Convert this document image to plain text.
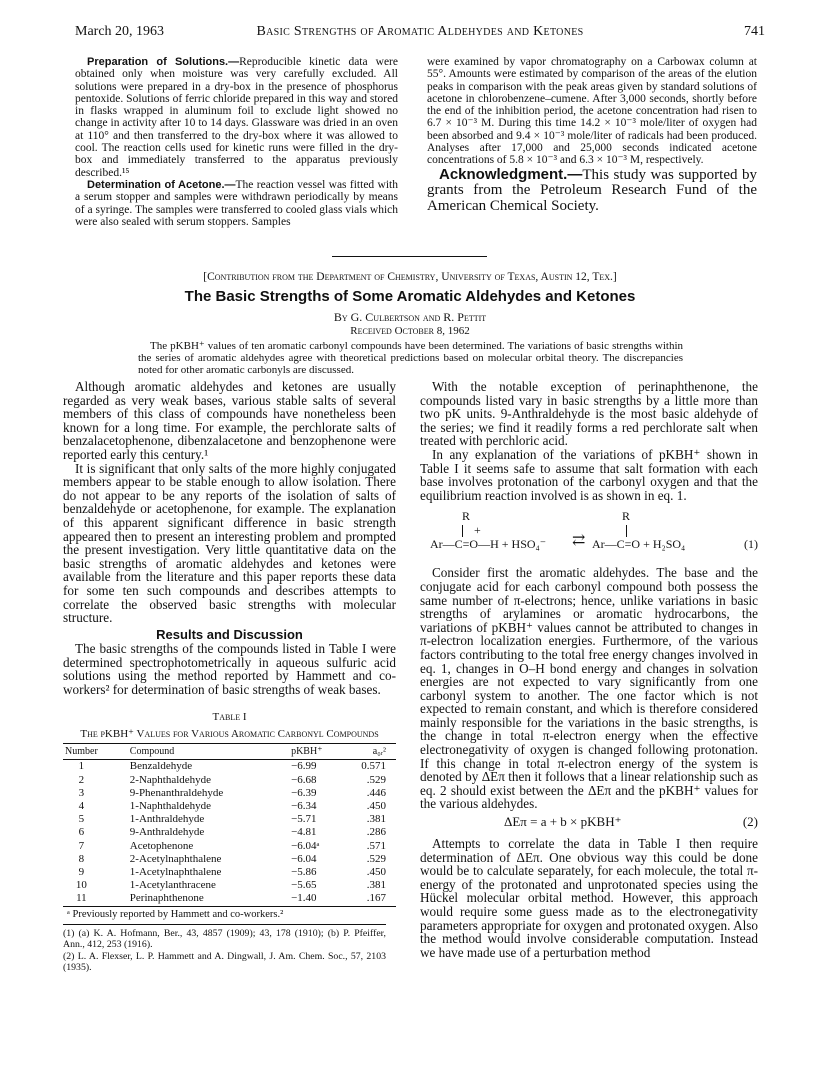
March 20, 1963	Basic Strengths of Aromatic Aldehydes and Ketones	741

Preparation of Solutions.—Reproducible kinetic data were obtained only when moisture was very carefully excluded. All solutions were prepared in a dry-box in the presence of phosphorus pentoxide. Solutions of ferric chloride prepared in this way and stored in flasks wrapped in aluminum foil to exclude light showed no change in activity after 10 to 14 days. Glassware was dried in an oven at 110° and then transferred to the dry-box where it was allowed to cool. The reaction cells used for kinetic runs were filled in the dry-box and immediately transferred to the apparatus previously described.¹⁵

Determination of Acetone.—The reaction vessel was fitted with a serum stopper and samples were withdrawn periodically by means of a syringe. The samples were transferred to cooled glass vials which were also sealed with serum stoppers. Samples

were examined by vapor chromatography on a Carbowax column at 55°. Amounts were estimated by comparison of the areas of the elution peaks in comparison with the peak areas given by standard solutions of acetone in chlorobenzene–cumene. After 3,000 seconds, shortly before the end of the inhibition period, the acetone concentration had risen to 6.7 × 10⁻³ M. During this time 14.2 × 10⁻³ mole/liter of oxygen had been absorbed and 9.4 × 10⁻³ mole/liter of radicals had been produced. Analyses after 17,000 and 25,000 seconds indicated acetone concentrations of 5.8 × 10⁻³ and 6.3 × 10⁻³ M, respectively.

Acknowledgment.—This study was supported by grants from the Petroleum Research Fund of the American Chemical Society.

[Contribution from the Department of Chemistry, University of Texas, Austin 12, Tex.]
The Basic Strengths of Some Aromatic Aldehydes and Ketones
By G. Culbertson and R. Pettit
Received October 8, 1962

The pKBH⁺ values of ten aromatic carbonyl compounds have been determined. The variations of basic strengths within the series of aromatic aldehydes agree with theoretical predictions based on molecular orbital theory. The discrepancies noted for other aromatic carbonyls are discussed.

Although aromatic aldehydes and ketones are usually regarded as very weak bases, various stable salts of several members of this class of compounds have nonetheless been known for a long time. For example, the perchlorate salts of benzalacetophenone, dibenzalacetone and benzophenone were reported early this century.¹

It is significant that only salts of the more highly conjugated members appear to be stable enough to allow isolation. There do not appear to be any reports of the isolation of salts of benzaldehyde or acetophenone, for example. The explanation of this apparent significant difference in basic strength appeared then to present an interesting problem and prompted the present investigation. Very little quantitative data on the basic strengths of aromatic aldehydes and ketones were available from the literature and this paper reports these data for some ten such compounds and describes attempts to correlate the observed basic strengths with molecular structure.

Results and Discussion

The basic strengths of the compounds listed in Table I were determined spectrophotometrically in aqueous sulfuric acid solutions using the method reported by Hammett and co-workers² for determination of basic strengths of weak bases.

Table I
The pKBH⁺ Values for Various Aromatic Carbonyl Compounds
Number	Compound	pKBH⁺	a₀ᵣ²
1	Benzaldehyde	−6.99	0.571
2	2-Naphthaldehyde	−6.68	.529
3	9-Phenanthraldehyde	−6.39	.446
4	1-Naphthaldehyde	−6.34	.450
5	1-Anthraldehyde	−5.71	.381
6	9-Anthraldehyde	−4.81	.286
7	Acetophenone	−6.04ᵃ	.571
8	2-Acetylnaphthalene	−6.04	.529
9	1-Acetylnaphthalene	−5.86	.450
10	1-Acetylanthracene	−5.65	.381
11	Perinaphthenone	−1.40	.167
ᵃ Previously reported by Hammett and co-workers.²
(1) (a) K. A. Hofmann, Ber., 43, 4857 (1909); 43, 178 (1910); (b) P. Pfeiffer, Ann., 412, 253 (1916).
(2) L. A. Flexser, L. P. Hammett and A. Dingwall, J. Am. Chem. Soc., 57, 2103 (1935).

With the notable exception of perinaphthenone, the compounds listed vary in basic strengths by a little more than two pK units. 9-Anthraldehyde is the most basic aldehyde of the series; we find it readily forms a red perchlorate salt when treated with perchloric acid.

In any explanation of the variations of pKBH⁺ shown in Table I it seems safe to assume that salt formation with each base involves protonation of the carbonyl oxygen and that the equilibrium reaction involved is as shown in eq. 1.

R	R
+
Ar—C=O—H + HSO₄⁻ ⇄ Ar—C=O + H₂SO₄	(1)

Consider first the aromatic aldehydes. The base and the conjugate acid for each carbonyl compound both possess the same number of π-electrons; hence, unlike variations in basic strengths of arylamines or aromatic hydrocarbons, the variations of pKBH⁺ values cannot be attributed to changes in π-electron localization energies. Furthermore, of the various factors contributing to the total free energy changes involved in eq. 1, changes in O–H bond energy and changes in solvation energies are not expected to vary significantly from one carbonyl system to another. The one factor which is not expected to remain constant, and which is therefore considered mainly responsible for the variations in the basic strengths, is the change in total π-electron energy when the effective electronegativity of oxygen is changed following protonation. If this change in total π-electron energy of the system is denoted by ΔEπ then it follows that a linear relationship such as eq. 2 should exist between the ΔEπ and the pKBH⁺ values for the various aldehydes.

ΔEπ = a + b × pKBH⁺	(2)

Attempts to correlate the data in Table I then require determination of ΔEπ. One obvious way this could be done would be to calculate separately, for each molecule, the total π-energy of the protonated and unprotonated species using the Hückel molecular orbital method. However, this approach would require some guess made as to the electronegativity parameters appropriate for oxygen and protonated oxygen. Also the method would involve considerable computation. Instead we have made use of a perturbation method
